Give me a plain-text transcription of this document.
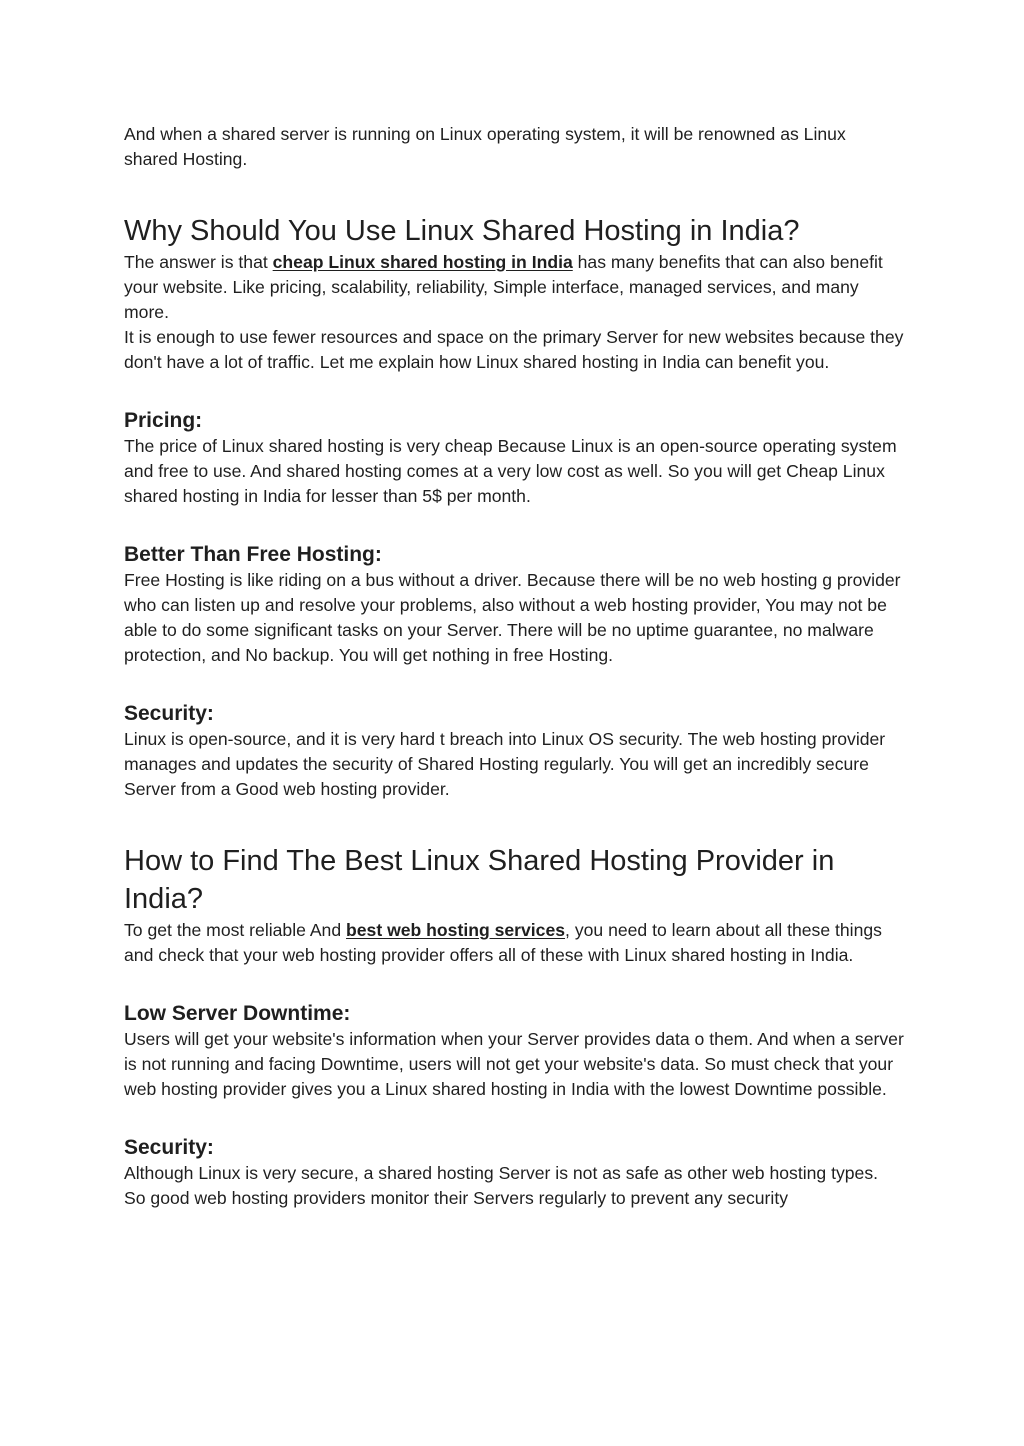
And when a shared server is running on Linux operating system, it will be renowned as Linux shared Hosting.

Why Should You Use Linux Shared Hosting in India?

The answer is that cheap Linux shared hosting in India has many benefits that can also benefit your website. Like pricing, scalability, reliability, Simple interface, managed services, and many more.

It is enough to use fewer resources and space on the primary Server for new websites because they don't have a lot of traffic. Let me explain how Linux shared hosting in India can benefit you.

Pricing:

The price of Linux shared hosting is very cheap Because Linux is an open-source operating system and free to use. And shared hosting comes at a very low cost as well. So you will get Cheap Linux shared hosting in India for lesser than 5$ per month.

Better Than Free Hosting:

Free Hosting is like riding on a bus without a driver. Because there will be no web hosting g provider who can listen up and resolve your problems, also without a web hosting provider, You may not be able to do some significant tasks on your Server. There will be no uptime guarantee, no malware protection, and No backup. You will get nothing in free Hosting.

Security:

Linux is open-source, and it is very hard t breach into Linux OS security. The web hosting provider manages and updates the security of Shared Hosting regularly. You will get an incredibly secure Server from a Good web hosting provider.

How to Find The Best Linux Shared Hosting Provider in India?

To get the most reliable And best web hosting services, you need to learn about all these things and check that your web hosting provider offers all of these with Linux shared hosting in India.

Low Server Downtime:

Users will get your website's information when your Server provides data o them. And when a server is not running and facing Downtime, users will not get your website's data. So must check that your web hosting provider gives you a Linux shared hosting in India with the lowest Downtime possible.

Security:

Although Linux is very secure, a shared hosting Server is not as safe as other web hosting types. So good web hosting providers monitor their Servers regularly to prevent any security
